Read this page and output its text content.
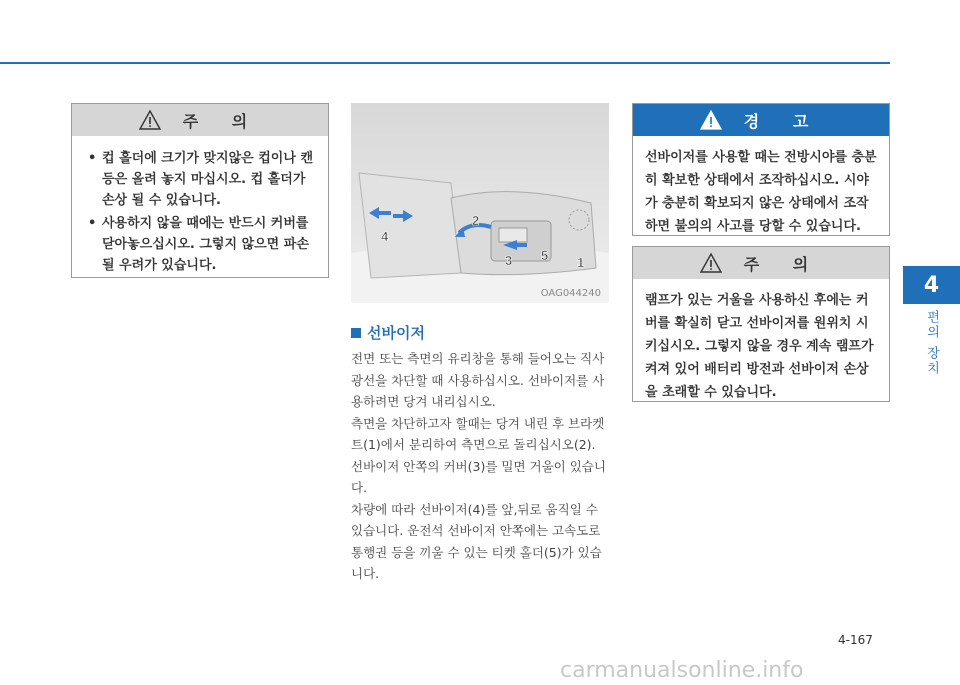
주 의
• 컵 홀더에 크기가 맞지않은 컵이나 캔 등은 올려 놓지 마십시오. 컵 홀더가 손상 될 수 있습니다.
• 사용하지 않을 때에는 반드시 커버를 닫아놓으십시오. 그렇지 않으면 파손될 우려가 있습니다.	1
2
3
4
5
OAG044240
선바이저

전면 또는 측면의 유리창을 통해 들어오는 직사광선을 차단할 때 사용하십시오. 선바이저를 사용하려면 당겨 내리십시오.

측면을 차단하고자 할때는 당겨 내린 후 브라켓트(1)에서 분리하여 측면으로 돌리십시오(2).

선바이저 안쪽의 커버(3)를 밀면 거울이 있습니다.

차량에 따라 선바이저(4)를 앞,뒤로 움직일 수 있습니다. 운전석 선바이저 안쪽에는 고속도로 통행권 등을 끼울 수 있는 티켓 홀더(5)가 있습니다.

경 고
선바이저를 사용할 때는 전방시야를 충분히 확보한 상태에서 조작하십시오. 시야가 충분히 확보되지 않은 상태에서 조작하면 불의의 사고를 당할 수 있습니다.
주 의
램프가 있는 거울을 사용하신 후에는 커버를 확실히 닫고 선바이저를 원위치 시키십시오. 그렇지 않을 경우 계속 램프가 켜져 있어 배터리 방전과 선바이저 손상을 초래할 수 있습니다.
4
편의 장치
4-167
carmanualsonline.info
